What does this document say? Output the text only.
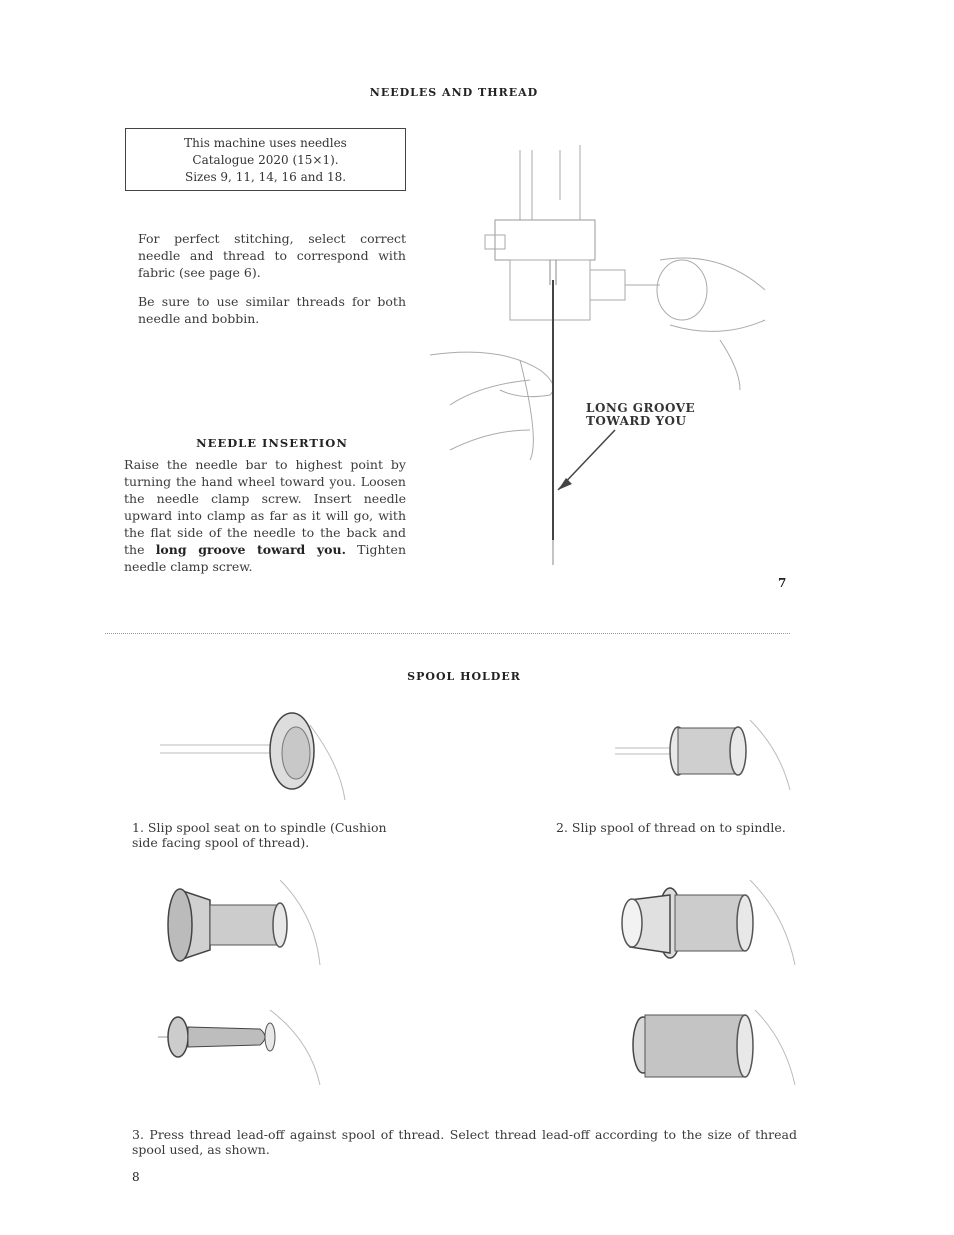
NEEDLES AND THREAD
This machine uses needles
Catalogue 2020 (15×1).
Sizes 9, 11, 14, 16 and 18.

For perfect stitching, select correct needle and thread to correspond with fabric (see page 6).

Be sure to use similar threads for both needle and bobbin.

NEEDLE INSERTION
Raise the needle bar to highest point by turning the hand wheel toward you. Loosen the needle clamp screw. Insert needle upward into clamp as far as it will go, with the flat side of the needle to the back and the long groove toward you. Tighten needle clamp screw.
LONG GROOVE
TOWARD YOU
7
SPOOL HOLDER
1. Slip spool seat on to spindle (Cushion side facing spool of thread).
2. Slip spool of thread on to spindle.
3. Press thread lead-off against spool of thread. Select thread lead-off according to the size of thread spool used, as shown.
8
